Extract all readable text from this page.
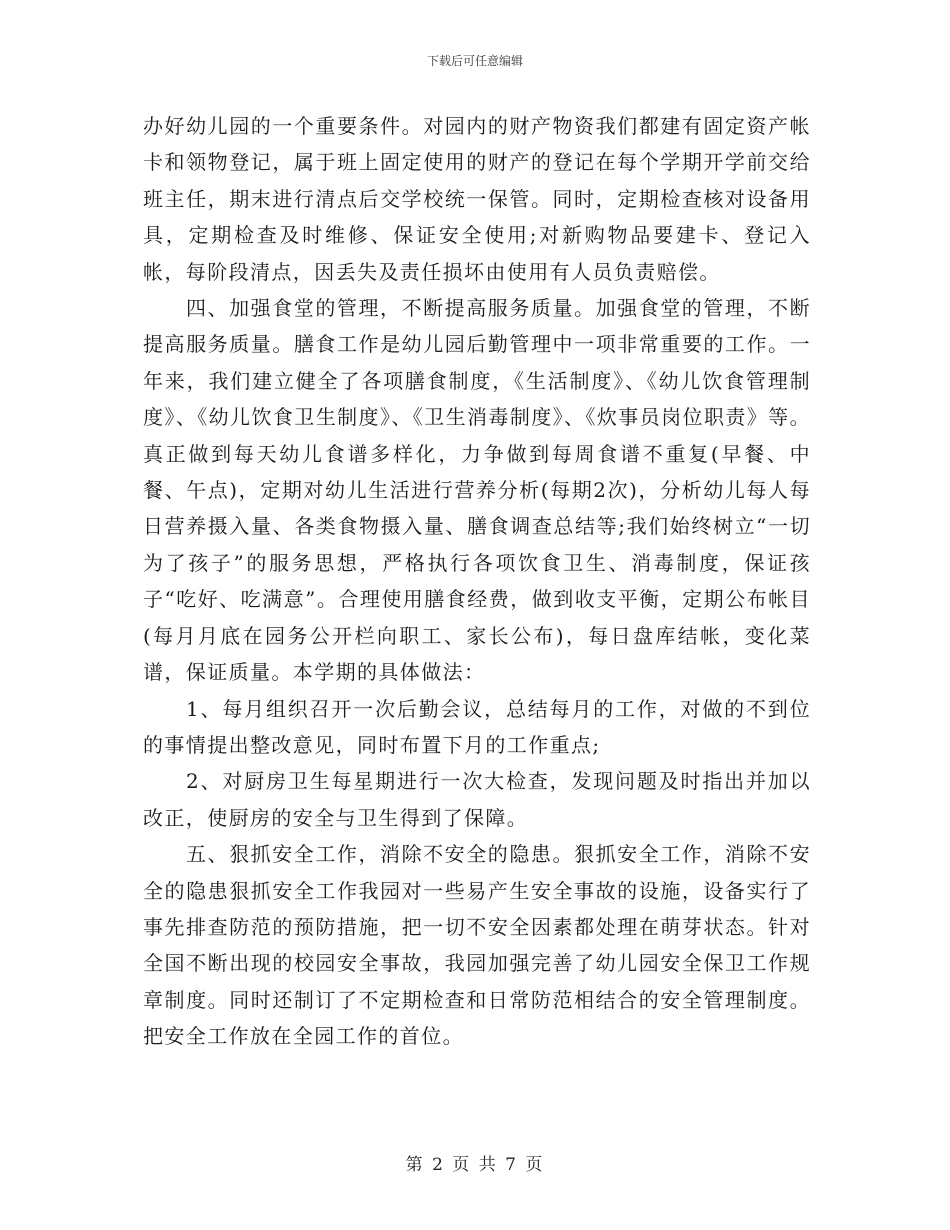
下载后可任意编辑

办好幼儿园的一个重要条件。对园内的财产物资我们都建有固定资产帐卡和领物登记，属于班上固定使用的财产的登记在每个学期开学前交给班主任，期末进行清点后交学校统一保管。同时，定期检查核对设备用具，定期检查及时维修、保证安全使用;对新购物品要建卡、登记入帐，每阶段清点，因丢失及责任损坏由使用有人员负责赔偿。

四、加强食堂的管理，不断提高服务质量。加强食堂的管理，不断提高服务质量。膳食工作是幼儿园后勤管理中一项非常重要的工作。一年来，我们建立健全了各项膳食制度，《生活制度》、《幼儿饮食管理制度》、《幼儿饮食卫生制度》、《卫生消毒制度》、《炊事员岗位职责》等。真正做到每天幼儿食谱多样化，力争做到每周食谱不重复(早餐、中餐、午点)，定期对幼儿生活进行营养分析(每期2次)，分析幼儿每人每日营养摄入量、各类食物摄入量、膳食调查总结等;我们始终树立“一切为了孩子”的服务思想，严格执行各项饮食卫生、消毒制度，保证孩子“吃好、吃满意”。合理使用膳食经费，做到收支平衡，定期公布帐目(每月月底在园务公开栏向职工、家长公布)，每日盘库结帐，变化菜谱，保证质量。本学期的具体做法：

1、每月组织召开一次后勤会议，总结每月的工作，对做的不到位的事情提出整改意见，同时布置下月的工作重点;

2、对厨房卫生每星期进行一次大检查，发现问题及时指出并加以改正，使厨房的安全与卫生得到了保障。

五、狠抓安全工作，消除不安全的隐患。狠抓安全工作，消除不安全的隐患狠抓安全工作我园对一些易产生安全事故的设施，设备实行了事先排查防范的预防措施，把一切不安全因素都处理在萌芽状态。针对全国不断出现的校园安全事故，我园加强完善了幼儿园安全保卫工作规章制度。同时还制订了不定期检查和日常防范相结合的安全管理制度。把安全工作放在全园工作的首位。

第 2 页 共 7 页
